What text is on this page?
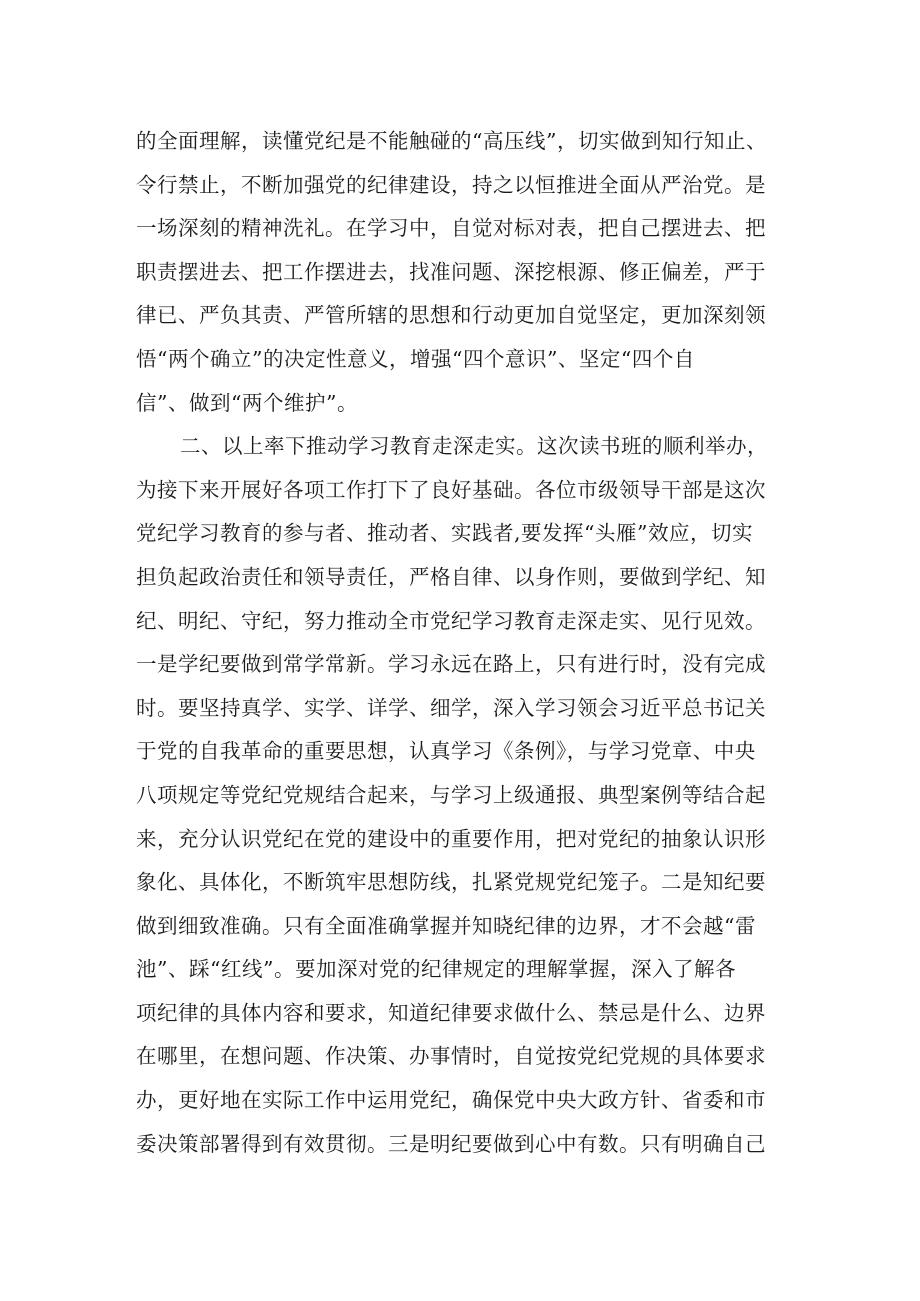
的全面理解，读懂党纪是不能触碰的“高压线”，切实做到知行知止、
令行禁止，不断加强党的纪律建设，持之以恒推进全面从严治党。是
一场深刻的精神洗礼。在学习中，自觉对标对表，把自己摆进去、把
职责摆进去、把工作摆进去，找准问题、深挖根源、修正偏差，严于
律已、严负其责、严管所辖的思想和行动更加自觉坚定，更加深刻领
悟“两个确立”的决定性意义，增强“四个意识”、坚定“四个自
信”、做到“两个维护”。
二、以上率下推动学习教育走深走实。这次读书班的顺利举办，
为接下来开展好各项工作打下了良好基础。各位市级领导干部是这次
党纪学习教育的参与者、推动者、实践者,要发挥“头雁”效应，切实
担负起政治责任和领导责任，严格自律、以身作则，要做到学纪、知
纪、明纪、守纪，努力推动全市党纪学习教育走深走实、见行见效。
一是学纪要做到常学常新。学习永远在路上，只有进行时，没有完成
时。要坚持真学、实学、详学、细学，深入学习领会习近平总书记关
于党的自我革命的重要思想，认真学习《条例》，与学习党章、中央
八项规定等党纪党规结合起来，与学习上级通报、典型案例等结合起
来，充分认识党纪在党的建设中的重要作用，把对党纪的抽象认识形
象化、具体化，不断筑牢思想防线，扎紧党规党纪笼子。二是知纪要
做到细致准确。只有全面准确掌握并知晓纪律的边界，才不会越“雷
池”、踩“红线”。要加深对党的纪律规定的理解掌握，深入了解各
项纪律的具体内容和要求，知道纪律要求做什么、禁忌是什么、边界
在哪里，在想问题、作决策、办事情时，自觉按党纪党规的具体要求
办，更好地在实际工作中运用党纪，确保党中央大政方针、省委和市
委决策部署得到有效贯彻。三是明纪要做到心中有数。只有明确自己
